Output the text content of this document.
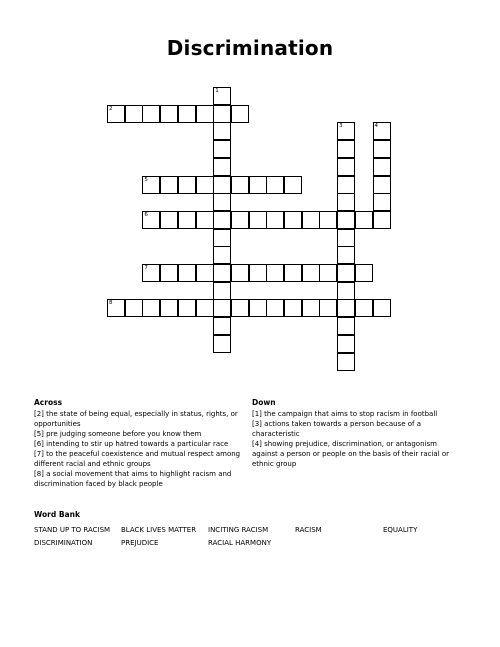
Discrimination
1
2
3	4
5
6
7
8
Across

[2] the state of being equal, especially in status, rights, or opportunities

[5] pre judging someone before you know them

[6] intending to stir up hatred towards a particular race

[7] to the peaceful coexistence and mutual respect among different racial and ethnic groups

[8] a social movement that aims to highlight racism and discrimination faced by black people

Down

[1] the campaign that aims to stop racism in football

[3] actions taken towards a person because of a characteristic

[4] showing prejudice, discrimination, or antagonism against a person or people on the basis of their racial or ethnic group

Word Bank
STAND UP TO RACISM BLACK LIVES MATTER INCITING RACISM	RACISM	EQUALITY
DISCRIMINATION	PREJUDICE	RACIAL HARMONY
